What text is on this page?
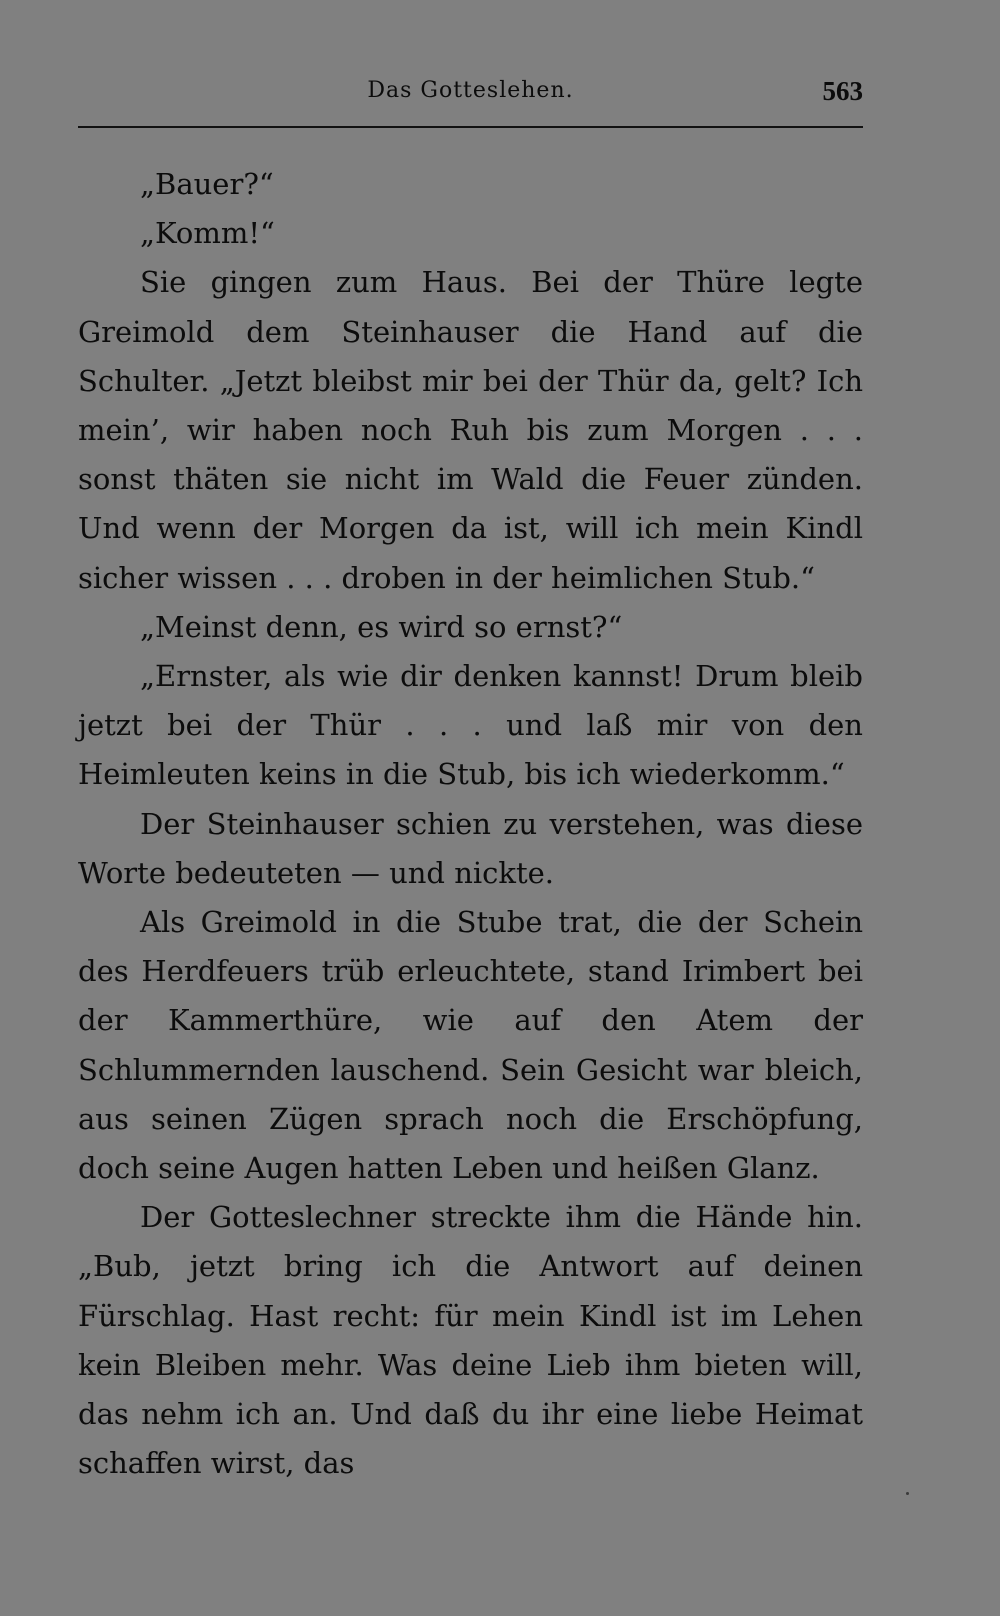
Das Gotteslehen.	563

„Bauer?“

„Komm!“

Sie gingen zum Haus. Bei der Thüre legte Greimold dem Steinhauser die Hand auf die Schulter. „Jetzt bleibst mir bei der Thür da, gelt? Ich mein’, wir haben noch Ruh bis zum Morgen . . . sonst thäten sie nicht im Wald die Feuer zünden. Und wenn der Morgen da ist, will ich mein Kindl sicher wissen . . . droben in der heimlichen Stub.“

„Meinst denn, es wird so ernst?“

„Ernster, als wie dir denken kannst! Drum bleib jetzt bei der Thür . . . und laß mir von den Heimleuten keins in die Stub, bis ich wiederkomm.“

Der Steinhauser schien zu verstehen, was diese Worte bedeuteten — und nickte.

Als Greimold in die Stube trat, die der Schein des Herdfeuers trüb erleuchtete, stand Irimbert bei der Kammerthüre, wie auf den Atem der Schlummernden lauschend. Sein Gesicht war bleich, aus seinen Zügen sprach noch die Erschöpfung, doch seine Augen hatten Leben und heißen Glanz.

Der Gotteslechner streckte ihm die Hände hin. „Bub, jetzt bring ich die Antwort auf deinen Fürschlag. Hast recht: für mein Kindl ist im Lehen kein Bleiben mehr. Was deine Lieb ihm bieten will, das nehm ich an. Und daß du ihr eine liebe Heimat schaffen wirst, das
